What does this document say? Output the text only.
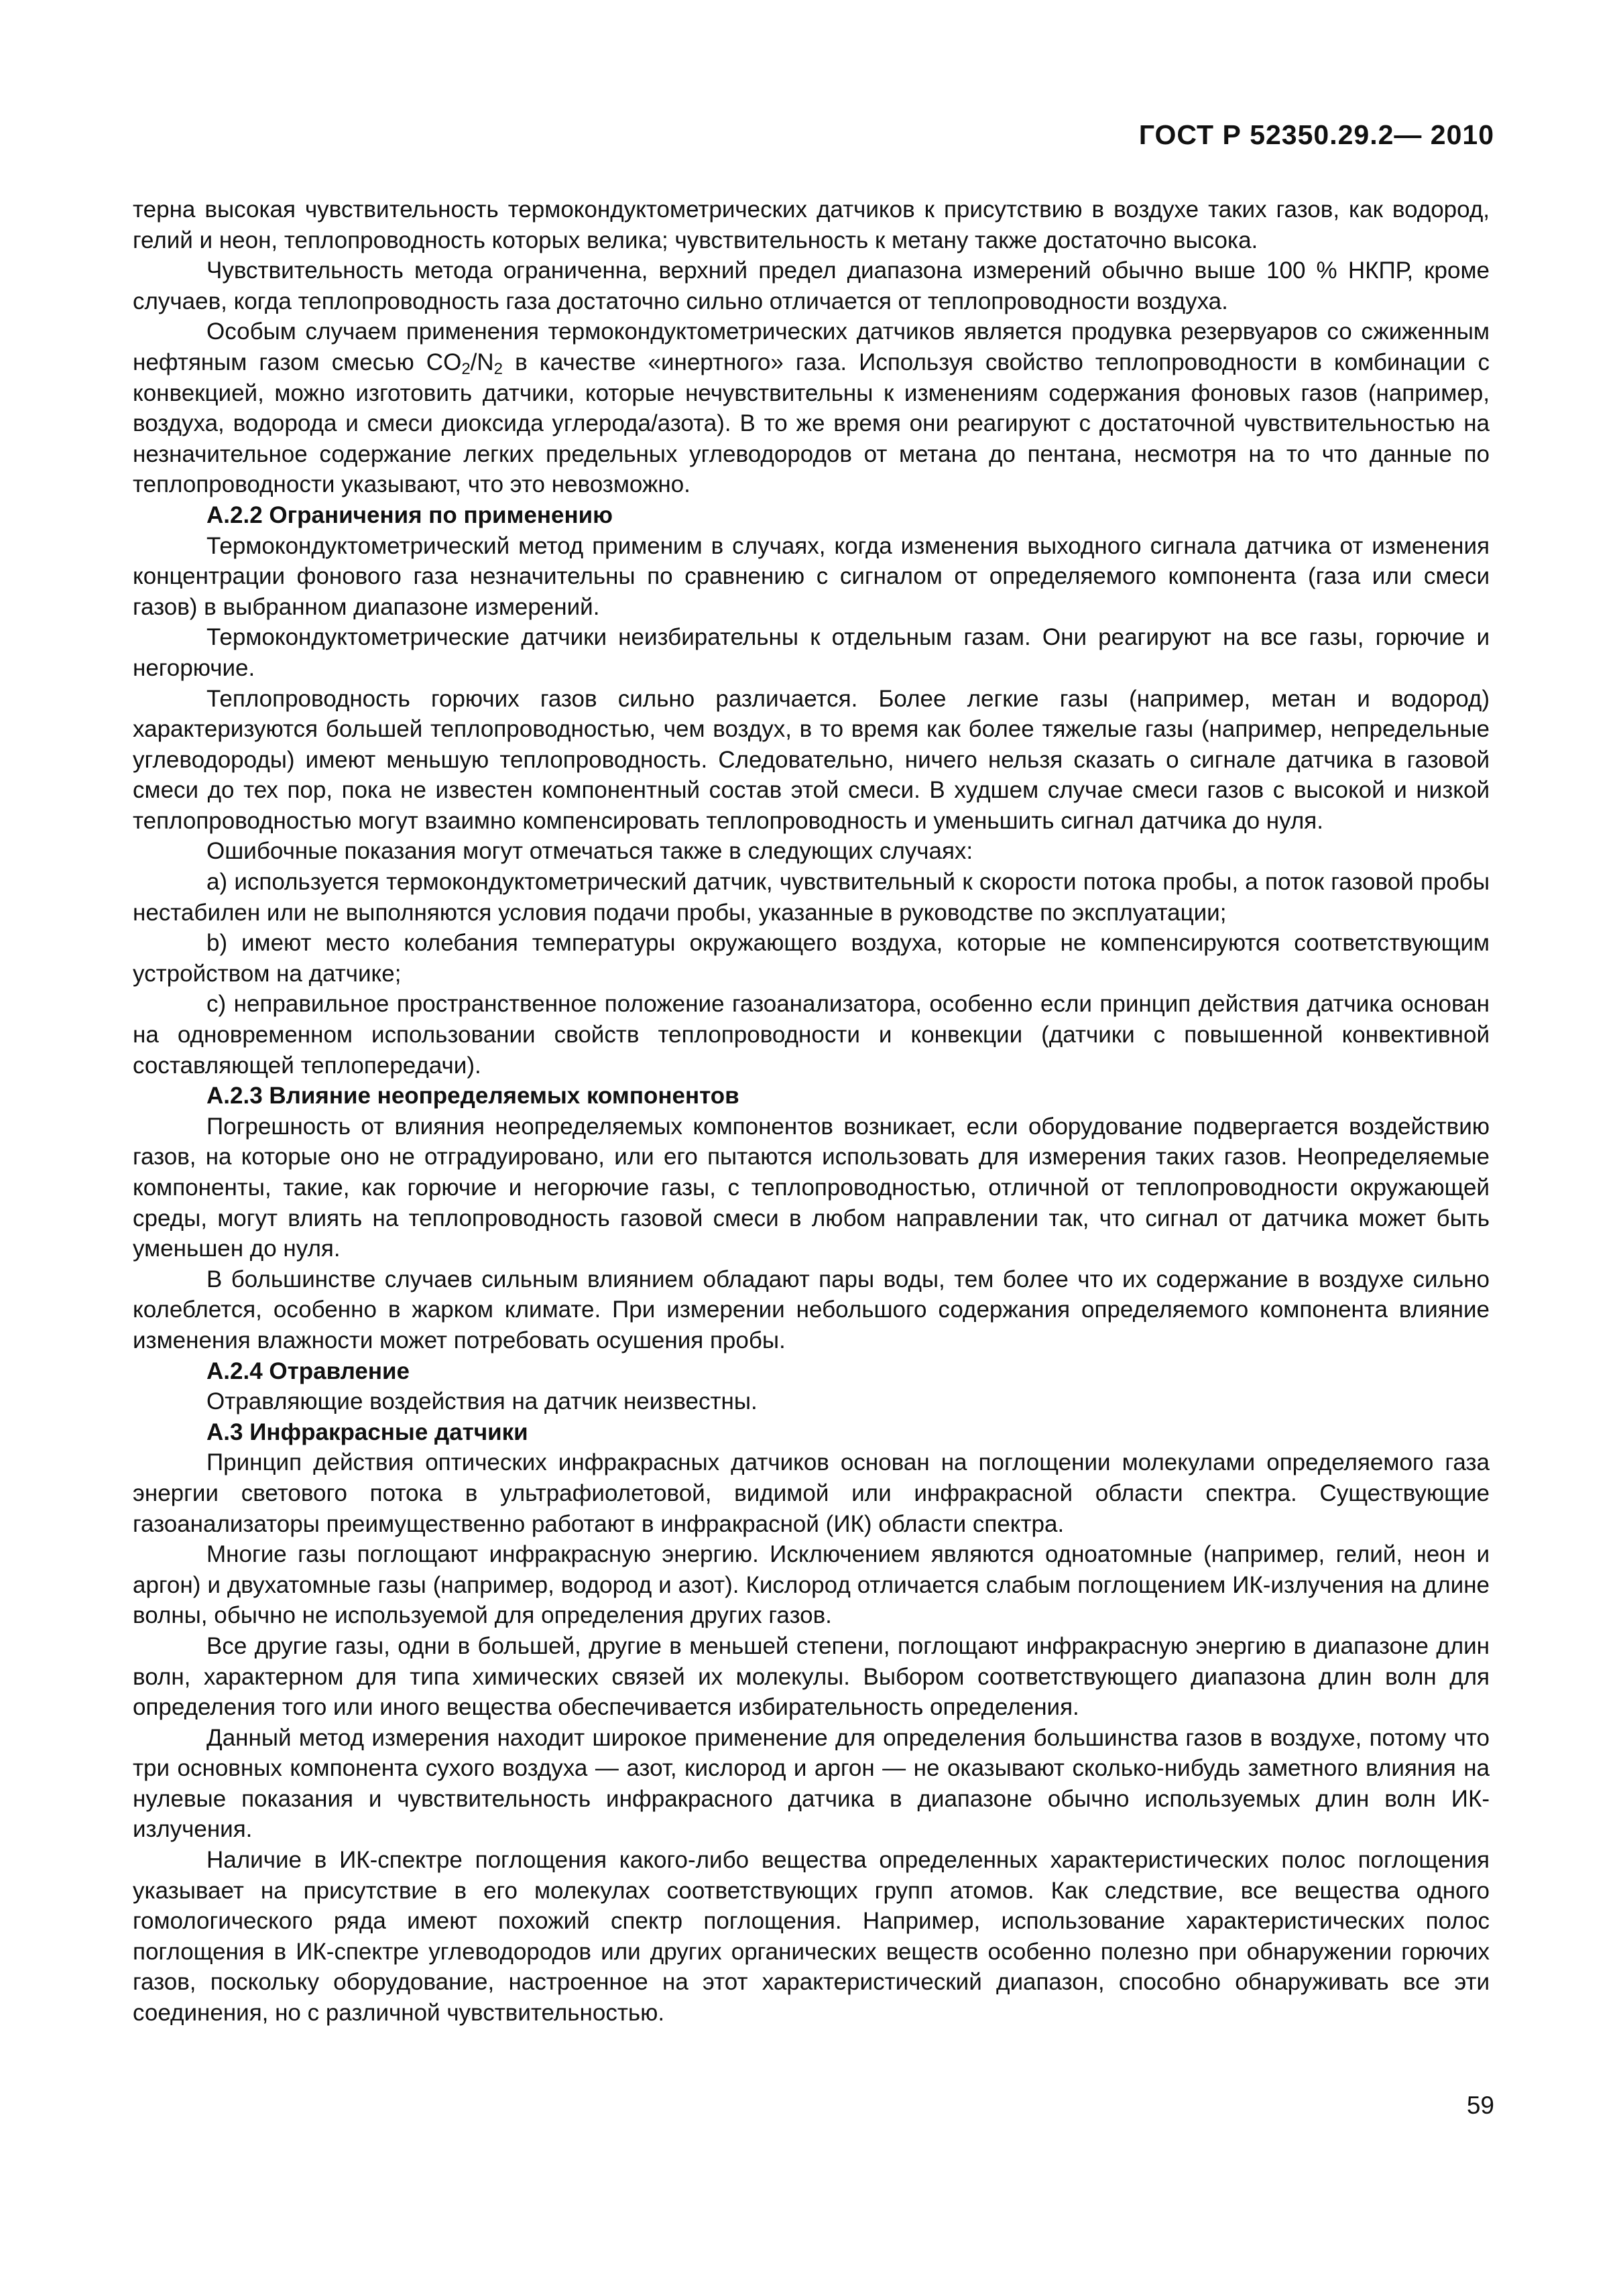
ГОСТ Р 52350.29.2— 2010

терна высокая чувствительность термокондуктометрических датчиков к присутствию в воздухе таких газов, как водород, гелий и неон, теплопроводность которых велика; чувствительность к метану также достаточно высока.

Чувствительность метода ограниченна, верхний предел диапазона измерений обычно выше 100 % НКПР, кроме случаев, когда теплопроводность газа достаточно сильно отличается от теплопроводности воздуха.

Особым случаем применения термокондуктометрических датчиков является продувка резервуаров со сжиженным нефтяным газом смесью $CO_2/N_2$ в качестве «инертного» газа. Используя свойство теплопроводности в комбинации с конвекцией, можно изготовить датчики, которые нечувствительны к изменениям содержания фоновых газов (например, воздуха, водорода и смеси диоксида углерода/азота). В то же время они реагируют с достаточной чувствительностью на незначительное содержание легких предельных углеводородов от метана до пентана, несмотря на то что данные по теплопроводности указывают, что это невозможно.

А.2.2 Ограничения по применению

Термокондуктометрический метод применим в случаях, когда изменения выходного сигнала датчика от изменения концентрации фонового газа незначительны по сравнению с сигналом от определяемого компонента (газа или смеси газов) в выбранном диапазоне измерений.

Термокондуктометрические датчики неизбирательны к отдельным газам. Они реагируют на все газы, горючие и негорючие.

Теплопроводность горючих газов сильно различается. Более легкие газы (например, метан и водород) характеризуются большей теплопроводностью, чем воздух, в то время как более тяжелые газы (например, непредельные углеводороды) имеют меньшую теплопроводность. Следовательно, ничего нельзя сказать о сигнале датчика в газовой смеси до тех пор, пока не известен компонентный состав этой смеси. В худшем случае смеси газов с высокой и низкой теплопроводностью могут взаимно компенсировать теплопроводность и уменьшить сигнал датчика до нуля.

Ошибочные показания могут отмечаться также в следующих случаях:

a) используется термокондуктометрический датчик, чувствительный к скорости потока пробы, а поток газовой пробы нестабилен или не выполняются условия подачи пробы, указанные в руководстве по эксплуатации;

b) имеют место колебания температуры окружающего воздуха, которые не компенсируются соответствующим устройством на датчике;

c) неправильное пространственное положение газоанализатора, особенно если принцип действия датчика основан на одновременном использовании свойств теплопроводности и конвекции (датчики с повышенной конвективной составляющей теплопередачи).

А.2.3 Влияние неопределяемых компонентов

Погрешность от влияния неопределяемых компонентов возникает, если оборудование подвергается воздействию газов, на которые оно не отградуировано, или его пытаются использовать для измерения таких газов. Неопределяемые компоненты, такие, как горючие и негорючие газы, с теплопроводностью, отличной от теплопроводности окружающей среды, могут влиять на теплопроводность газовой смеси в любом направлении так, что сигнал от датчика может быть уменьшен до нуля.

В большинстве случаев сильным влиянием обладают пары воды, тем более что их содержание в воздухе сильно колеблется, особенно в жарком климате. При измерении небольшого содержания определяемого компонента влияние изменения влажности может потребовать осушения пробы.

А.2.4 Отравление

Отравляющие воздействия на датчик неизвестны.

А.3 Инфракрасные датчики

Принцип действия оптических инфракрасных датчиков основан на поглощении молекулами определяемого газа энергии светового потока в ультрафиолетовой, видимой или инфракрасной области спектра. Существующие газоанализаторы преимущественно работают в инфракрасной (ИК) области спектра.

Многие газы поглощают инфракрасную энергию. Исключением являются одноатомные (например, гелий, неон и аргон) и двухатомные газы (например, водород и азот). Кислород отличается слабым поглощением ИК-излучения на длине волны, обычно не используемой для определения других газов.

Все другие газы, одни в большей, другие в меньшей степени, поглощают инфракрасную энергию в диапазоне длин волн, характерном для типа химических связей их молекулы. Выбором соответствующего диапазона длин волн для определения того или иного вещества обеспечивается избирательность определения.

Данный метод измерения находит широкое применение для определения большинства газов в воздухе, потому что три основных компонента сухого воздуха — азот, кислород и аргон — не оказывают сколько-нибудь заметного влияния на нулевые показания и чувствительность инфракрасного датчика в диапазоне обычно используемых длин волн ИК-излучения.

Наличие в ИК-спектре поглощения какого-либо вещества определенных характеристических полос поглощения указывает на присутствие в его молекулах соответствующих групп атомов. Как следствие, все вещества одного гомологического ряда имеют похожий спектр поглощения. Например, использование характеристических полос поглощения в ИК-спектре углеводородов или других органических веществ особенно полезно при обнаружении горючих газов, поскольку оборудование, настроенное на этот характеристический диапазон, способно обнаруживать все эти соединения, но с различной чувствительностью.

59
